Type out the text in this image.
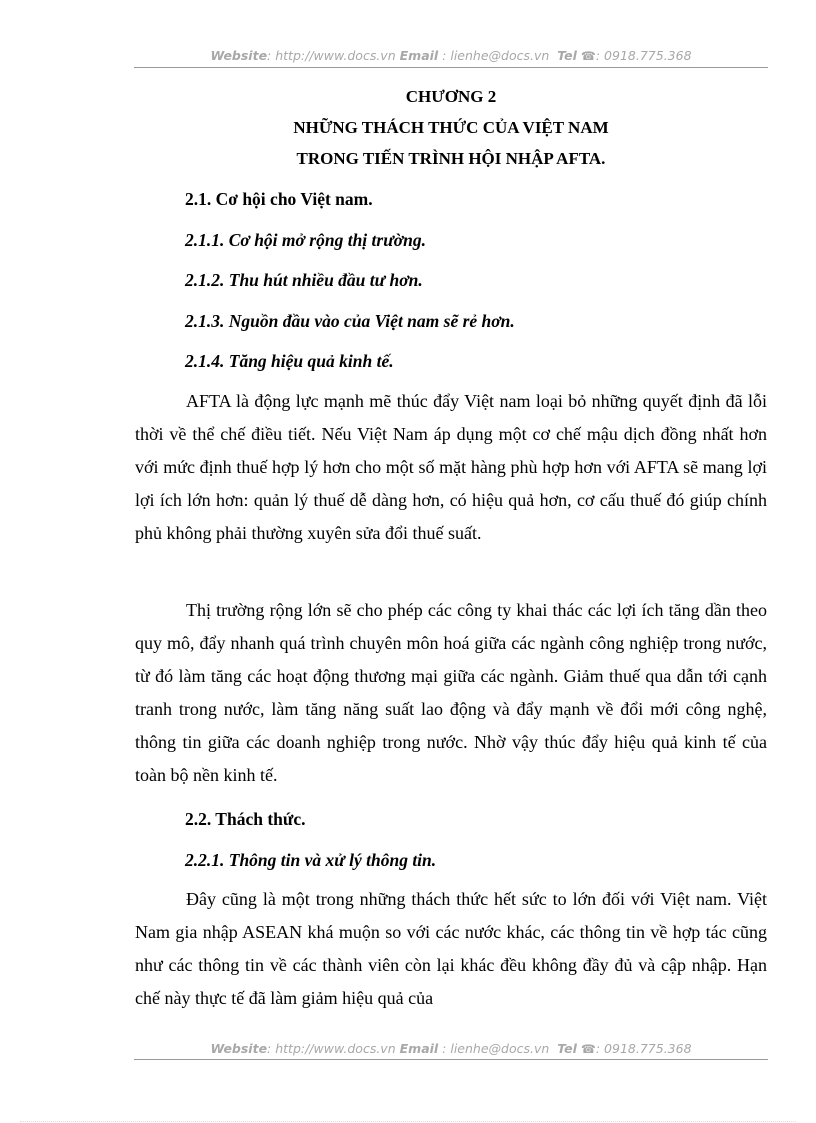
Website: http://www.docs.vn Email : lienhe@docs.vn Tel ☎: 0918.775.368
CHƯƠNG 2
NHỮNG THÁCH THỨC CỦA VIỆT NAM
TRONG TIẾN TRÌNH HỘI NHẬP AFTA.
2.1. Cơ hội cho Việt nam.
2.1.1. Cơ hội mở rộng thị trường.
2.1.2. Thu hút nhiều đầu tư hơn.
2.1.3. Nguồn đầu vào của Việt nam sẽ rẻ hơn.
2.1.4. Tăng hiệu quả kinh tế.

AFTA là động lực mạnh mẽ thúc đẩy Việt nam loại bỏ những quyết định đã lỗi thời về thể chế điều tiết. Nếu Việt Nam áp dụng một cơ chế mậu dịch đồng nhất hơn với mức định thuế hợp lý hơn cho một số mặt hàng phù hợp hơn với AFTA sẽ mang lợi lợi ích lớn hơn: quản lý thuế dễ dàng hơn, có hiệu quả hơn, cơ cấu thuế đó giúp chính phủ không phải thường xuyên sửa đổi thuế suất.

Thị trường rộng lớn sẽ cho phép các công ty khai thác các lợi ích tăng dần theo quy mô, đẩy nhanh quá trình chuyên môn hoá giữa các ngành công nghiệp trong nước, từ đó làm tăng các hoạt động thương mại giữa các ngành. Giảm thuế qua dẫn tới cạnh tranh trong nước, làm tăng năng suất lao động và đẩy mạnh về đổi mới công nghệ, thông tin giữa các doanh nghiệp trong nước. Nhờ vậy thúc đẩy hiệu quả kinh tế của toàn bộ nền kinh tế.

2.2. Thách thức.
2.2.1. Thông tin và xử lý thông tin.

Đây cũng là một trong những thách thức hết sức to lớn đối với Việt nam. Việt Nam gia nhập ASEAN khá muộn so với các nước khác, các thông tin về hợp tác cũng như các thông tin về các thành viên còn lại khác đều không đầy đủ và cập nhập. Hạn chế này thực tế đã làm giảm hiệu quả của

Website: http://www.docs.vn Email : lienhe@docs.vn Tel ☎: 0918.775.368
